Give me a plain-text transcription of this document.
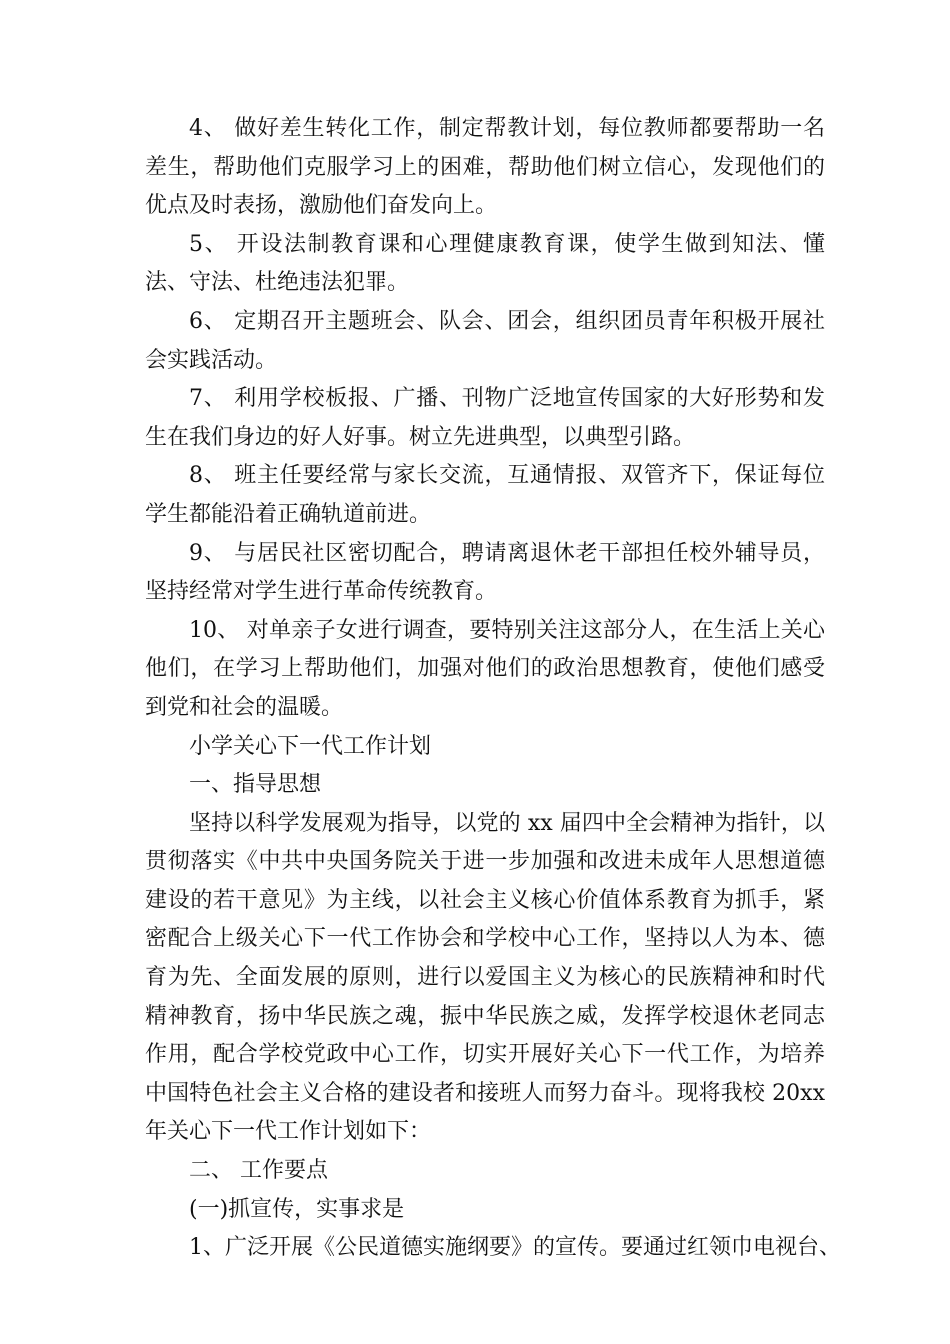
4、 做好差生转化工作，制定帮教计划，每位教师都要帮助一名差生，帮助他们克服学习上的困难，帮助他们树立信心，发现他们的优点及时表扬，激励他们奋发向上。

5、 开设法制教育课和心理健康教育课，使学生做到知法、懂法、守法、杜绝违法犯罪。

6、 定期召开主题班会、队会、团会，组织团员青年积极开展社会实践活动。

7、 利用学校板报、广播、刊物广泛地宣传国家的大好形势和发生在我们身边的好人好事。树立先进典型，以典型引路。

8、 班主任要经常与家长交流，互通情报、双管齐下，保证每位学生都能沿着正确轨道前进。

9、 与居民社区密切配合，聘请离退休老干部担任校外辅导员，坚持经常对学生进行革命传统教育。

10、 对单亲子女进行调查，要特别关注这部分人，在生活上关心他们，在学习上帮助他们，加强对他们的政治思想教育，使他们感受到党和社会的温暖。

小学关心下一代工作计划

一、指导思想

坚持以科学发展观为指导，以党的 xx 届四中全会精神为指针，以贯彻落实《中共中央国务院关于进一步加强和改进未成年人思想道德建设的若干意见》为主线，以社会主义核心价值体系教育为抓手，紧密配合上级关心下一代工作协会和学校中心工作，坚持以人为本、德育为先、全面发展的原则，进行以爱国主义为核心的民族精神和时代精神教育，扬中华民族之魂，振中华民族之威，发挥学校退休老同志作用，配合学校党政中心工作，切实开展好关心下一代工作，为培养中国特色社会主义合格的建设者和接班人而努力奋斗。现将我校 20xx 年关心下一代工作计划如下：

二、 工作要点

(一)抓宣传，实事求是

1、广泛开展《公民道德实施纲要》的宣传。要通过红领巾电视台、
